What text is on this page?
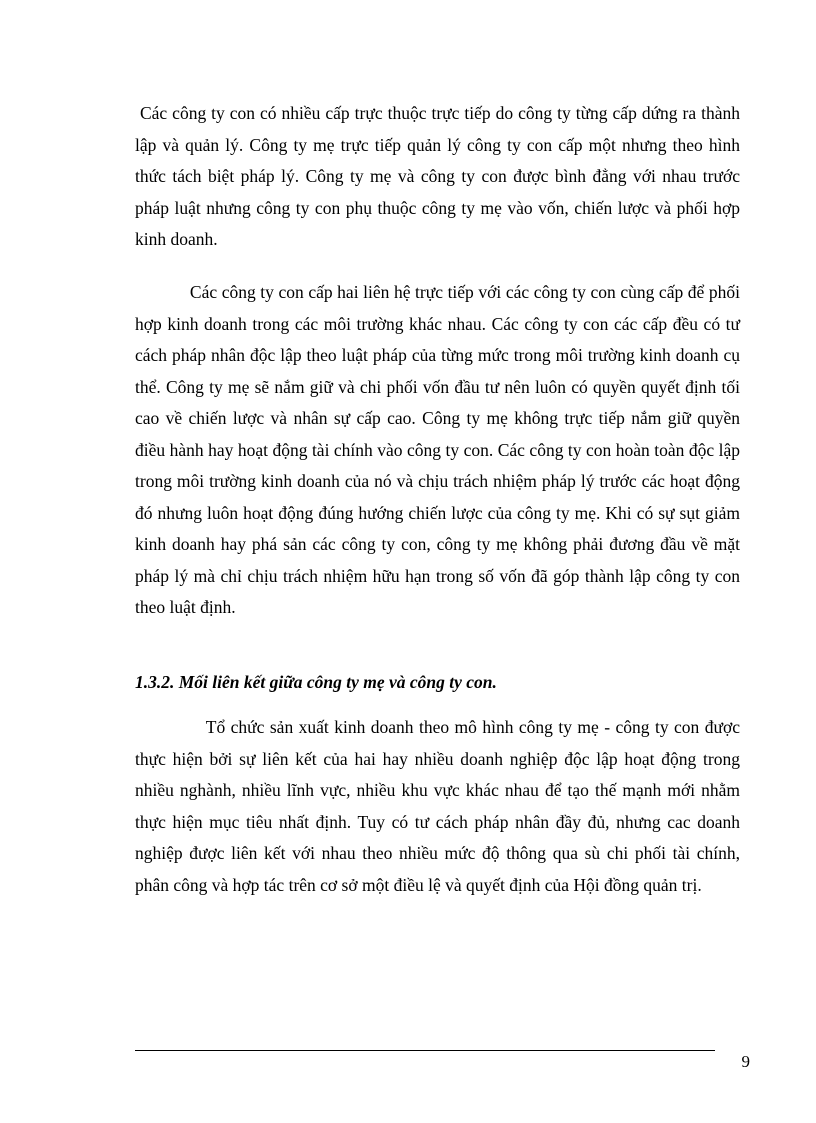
Các công ty con có nhiều cấp trực thuộc trực tiếp do công ty từng cấp dứng ra thành lập và quản lý. Công ty mẹ trực tiếp quản lý công ty con cấp một nhưng theo hình thức tách biệt pháp lý. Công ty mẹ và công ty con được bình đẳng với nhau trước pháp luật nhưng công ty con phụ thuộc công ty mẹ vào vốn, chiến lược và phối hợp kinh doanh.

Các công ty con cấp hai liên hệ trực tiếp với các công ty con cùng cấp để phối hợp kinh doanh trong các môi trường khác nhau. Các công ty con các cấp đều có tư cách pháp nhân độc lập theo luật pháp của từng mức trong môi trường kinh doanh cụ thể. Công ty mẹ sẽ nắm giữ và chi phối vốn đầu tư nên luôn có quyền quyết định tối cao về chiến lược và nhân sự cấp cao. Công ty mẹ không trực tiếp nắm giữ quyền điều hành hay hoạt động tài chính vào công ty con. Các công ty con hoàn toàn độc lập trong môi trường kinh doanh của nó và chịu trách nhiệm pháp lý trước các hoạt động đó nhưng luôn hoạt động đúng hướng chiến lược của công ty mẹ. Khi có sự sụt giảm kinh doanh hay phá sản các công ty con, công ty mẹ không phải đương đầu về mặt pháp lý mà chỉ chịu trách nhiệm hữu hạn trong số vốn đã góp thành lập công ty con theo luật định.

1.3.2. Mối liên kết giữa công ty mẹ và công ty con.

Tổ chức sản xuất kinh doanh theo mô hình công ty mẹ - công ty con được thực hiện bởi sự liên kết của hai hay nhiều doanh nghiệp độc lập hoạt động trong nhiều nghành, nhiều lĩnh vực, nhiều khu vực khác nhau để tạo thế mạnh mới nhằm thực hiện mục tiêu nhất định. Tuy có tư cách pháp nhân đầy đủ, nhưng cac doanh nghiệp được liên kết với nhau theo nhiều mức độ thông qua sù chi phối tài chính, phân công và hợp tác trên cơ sở một điều lệ và quyết định của Hội đồng quản trị.

9
